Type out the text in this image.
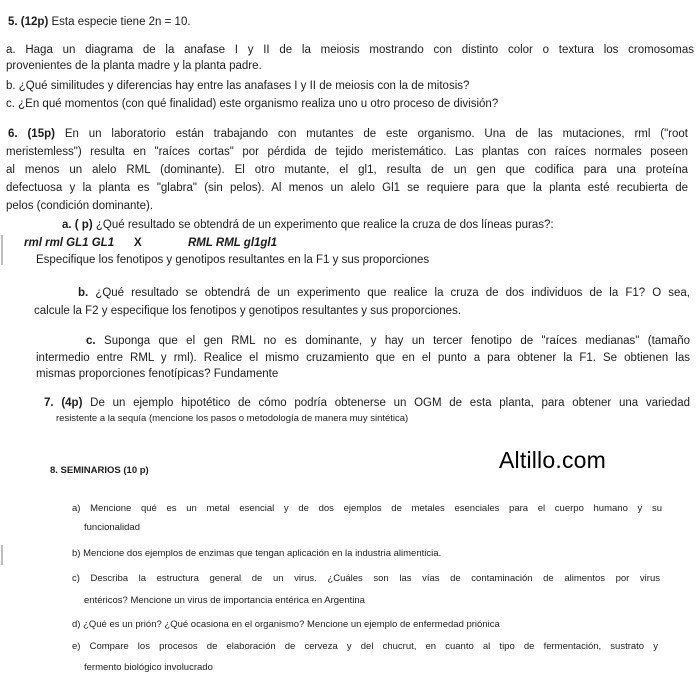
5. (12p) Esta especie tiene 2n = 10.
a. Haga un diagrama de la anafase I y II de la meiosis mostrando con distinto color o textura los cromosomas
provenientes de la planta madre y la planta padre.
b. ¿Qué similitudes y diferencias hay entre las anafases I y II de meiosis con la de mitosis?
c. ¿En qué momentos (con qué finalidad) este organismo realiza uno u otro proceso de división?
6. (15p) En un laboratorio están trabajando con mutantes de este organismo. Una de las mutaciones, rml ("root
meristemless") resulta en "raíces cortas" por pérdida de tejido meristemático. Las plantas con raíces normales poseen
al menos un alelo RML (dominante). El otro mutante, el gl1, resulta de un gen que codifica para una proteína
defectuosa y la planta es "glabra" (sin pelos). Al menos un alelo Gl1 se requiere para que la planta esté recubierta de
pelos (condición dominante).
a. ( p) ¿Qué resultado se obtendrá de un experimento que realice la cruza de dos líneas puras?:
rml rml GL1 GL1 X	RML RML gl1gl1
Especifique los fenotipos y genotipos resultantes en la F1 y sus proporciones
b. ¿Qué resultado se obtendrá de un experimento que realice la cruza de dos individuos de la F1? O sea,
calcule la F2 y especifique los fenotipos y genotipos resultantes y sus proporciones.
c. Suponga que el gen RML no es dominante, y hay un tercer fenotipo de "raíces medianas" (tamaño
intermedio entre RML y rml). Realice el mismo cruzamiento que en el punto a para obtener la F1. Se obtienen las
mismas proporciones fenotípicas? Fundamente
7. (4p) De un ejemplo hipotético de cómo podría obtenerse un OGM de esta planta, para obtener una variedad
resistente a la sequía (mencione los pasos o metodología de manera muy sintética)
Altillo.com
8. SEMINARIOS (10 p)
a) Mencione qué es un metal esencial y de dos ejemplos de metales esenciales para el cuerpo humano y su
funcionalidad
b) Mencione dos ejemplos de enzimas que tengan aplicación en la industria alimenticia.
c) Describa la estructura general de un virus. ¿Cuáles son las vías de contaminación de alimentos por virus
entéricos? Mencione un virus de importancia entérica en Argentina
d) ¿Qué es un prión? ¿Qué ocasiona en el organismo? Mencione un ejemplo de enfermedad priónica
e) Compare los procesos de elaboración de cerveza y del chucrut, en cuanto al tipo de fermentación, sustrato y
fermento biológico involucrado
